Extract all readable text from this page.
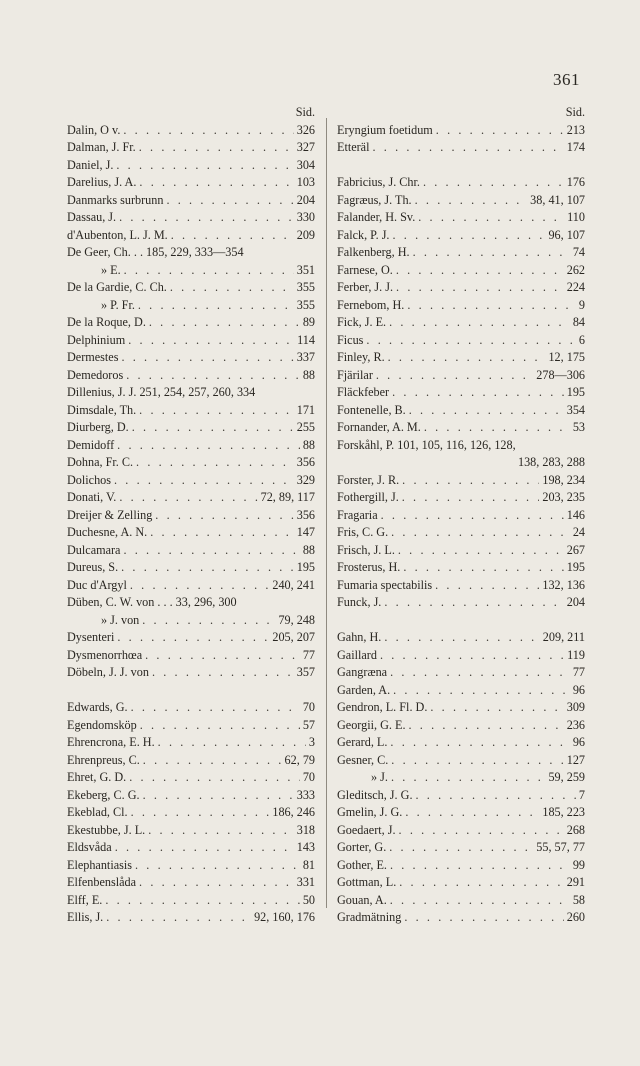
361
Sid.
Dalin, O v. . . .	326
Dalman, J. Fr. . . .	327
Daniel, J. . . .	304
Darelius, J. A. . . .	103
Danmarks surbrunn . . .	204
Dassau, J. . . .	330
d'Aubenton, L. J. M. . . .	209
De Geer, Ch. . . 185, 229, 333—354
» E. . . .	351
De la Gardie, C. Ch. . . .	355
» P. Fr. . . .	355
De la Roque, D. . . .	89
Delphinium . . .	114
Dermestes . . .	337
Demedoros . . .	88
Dillenius, J. J. 251, 254, 257, 260, 334
Dimsdale, Th. . . .	171
Diurberg, D. . . .	255
Demidoff . . .	88
Dohna, Fr. C. . . .	356
Dolichos . . .	329
Donati, V. . . .	72, 89, 117
Dreijer & Zelling . . .	356
Duchesne, A. N. . . .	147
Dulcamara . . .	88
Dureus, S. . . .	195
Duc d'Argyl . . .	240, 241
Düben, C. W. von . . . 33, 296, 300
» J. von . . .	79, 248
Dysenteri . . .	205, 207
Dysmenorrhœa . . .	77
Döbeln, J. J. von . . .	357
Edwards, G. . . .	70
Egendomsköp . . .	57
Ehrencrona, E. H. . . .	3
Ehrenpreus, C. . . .	62, 79
Ehret, G. D. . . .	70
Ekeberg, C. G. . . .	333
Ekeblad, Cl. . . .	186, 246
Ekestubbe, J. L. . . .	318
Eldsvåda . . .	143
Elephantiasis . . .	81
Elfenbenslåda . . .	331
Elff, E. . . .	50
Ellis, J. . . .	92, 160, 176
Sid.
Eryngium foetidum . . .	213
Etteräl . . .	174
Fabricius, J. Chr. . . .	176
Fagræus, J. Th. . . .	38, 41, 107
Falander, H. Sv. . . .	110
Falck, P. J. . . .	96, 107
Falkenberg, H. . . .	74
Farnese, O. . . .	262
Ferber, J. J. . . .	224
Fernebom, H. . . .	9
Fick, J. E. . . .	84
Ficus . . .	6
Finley, R. . . .	12, 175
Fjärilar . . .	278—306
Fläckfeber . . .	195
Fontenelle, B. . . .	354
Fornander, A. M. . . .	53
Forskåhl, P. 101, 105, 116, 126, 128,
138, 283, 288
Forster, J. R. . . .	198, 234
Fothergill, J. . . .	203, 235
Fragaria . . .	146
Fris, C. G. . . .	24
Frisch, J. L. . . .	267
Frosterus, H. . . .	195
Fumaria spectabilis . . .	132, 136
Funck, J. . . .	204
Gahn, H. . . .	209, 211
Gaillard . . .	119
Gangræna . . .	77
Garden, A. . . .	96
Gendron, L. Fl. D. . . .	309
Georgii, G. E. . . .	236
Gerard, L. . . .	96
Gesner, C. . . .	127
» J. . . .	59, 259
Gleditsch, J. G. . . .	7
Gmelin, J. G. . . .	185, 223
Goedaert, J. . . .	268
Gorter, G. . . .	55, 57, 77
Gother, E. . . .	99
Gottman, L. . . .	291
Gouan, A. . . .	58
Gradmätning . . .	260
